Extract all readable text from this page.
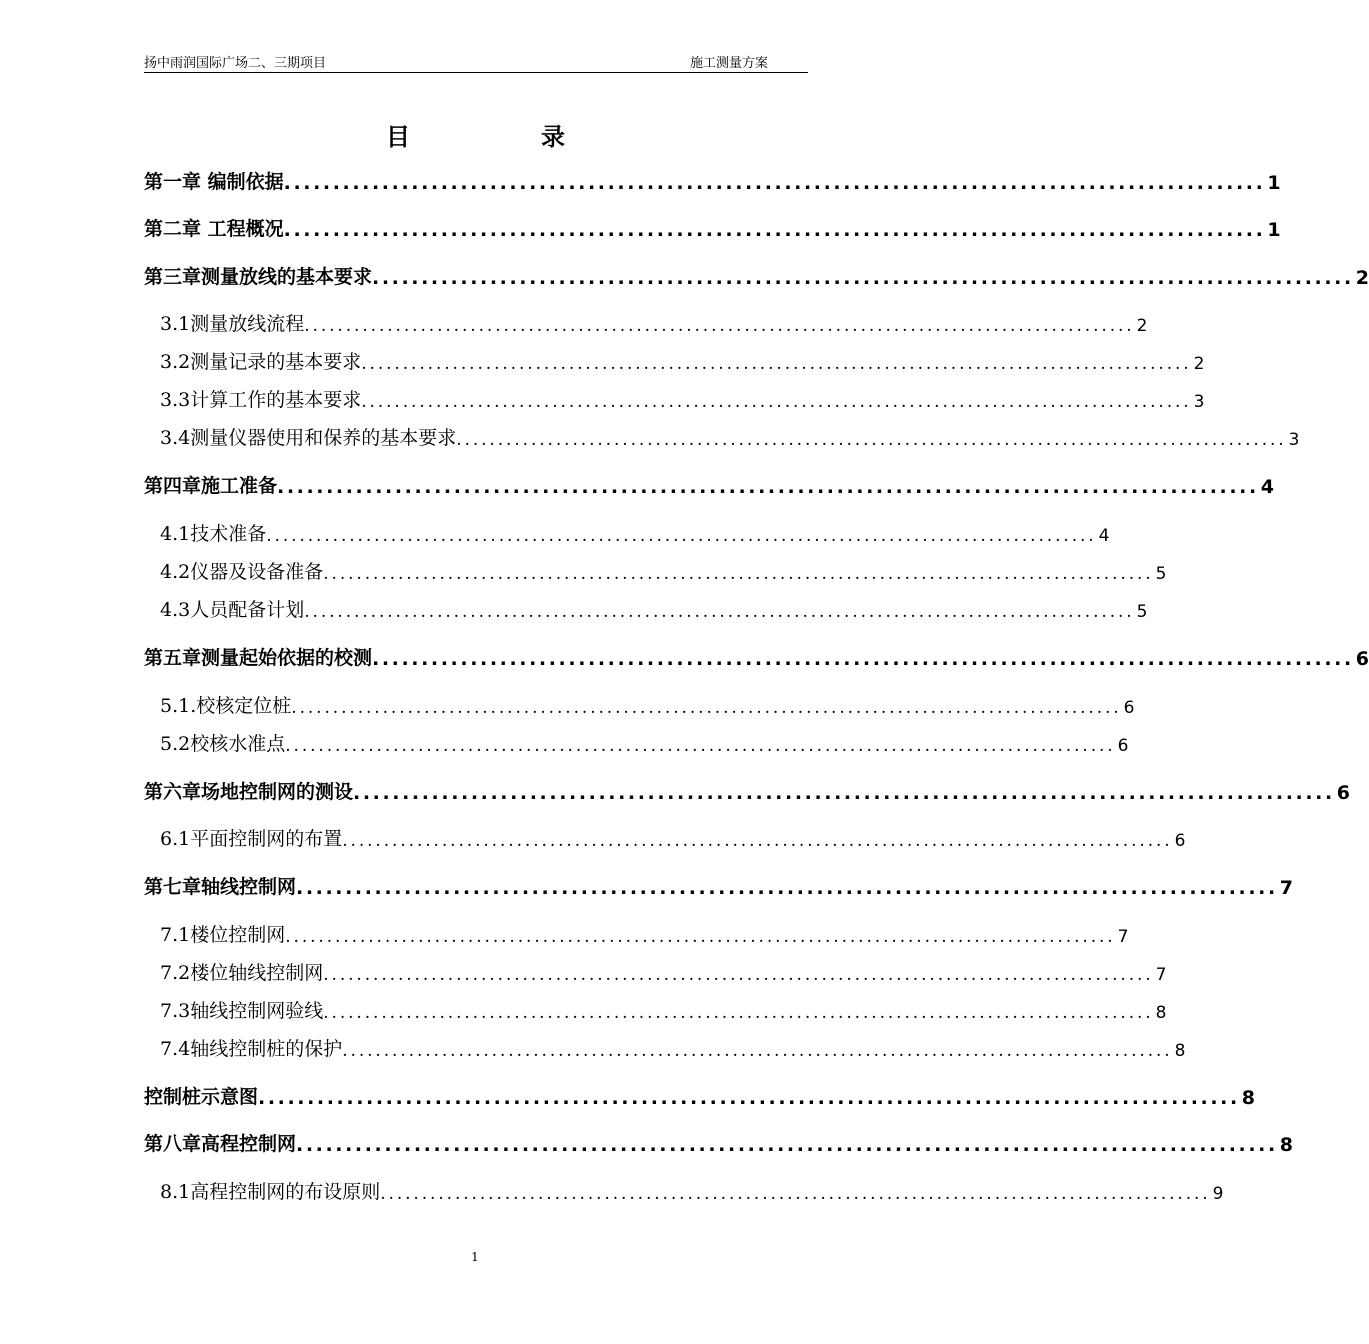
扬中雨润国际广场二、三期项目	施工测量方案
目	录
第一章 编制依据 .................................................................................................... 1
第二章 工程概况 .................................................................................................... 1
第三章测量放线的基本要求 .................................................................................................... 2
3.1测量放线流程 .................................................................................................... 2
3.2测量记录的基本要求 .................................................................................................... 2
3.3计算工作的基本要求 .................................................................................................... 3
3.4测量仪器使用和保养的基本要求 .................................................................................................... 3
第四章施工准备 .................................................................................................... 4
4.1技术准备 .................................................................................................... 4
4.2仪器及设备准备 .................................................................................................... 5
4.3人员配备计划 .................................................................................................... 5
第五章测量起始依据的校测 .................................................................................................... 6
5.1.校核定位桩 .................................................................................................... 6
5.2校核水准点 .................................................................................................... 6
第六章场地控制网的测设 .................................................................................................... 6
6.1平面控制网的布置 .................................................................................................... 6
第七章轴线控制网 .................................................................................................... 7
7.1楼位控制网 .................................................................................................... 7
7.2楼位轴线控制网 .................................................................................................... 7
7.3轴线控制网验线 .................................................................................................... 8
7.4轴线控制桩的保护 .................................................................................................... 8
控制桩示意图 .................................................................................................... 8
第八章高程控制网 .................................................................................................... 8
8.1高程控制网的布设原则 .................................................................................................... 9
1
